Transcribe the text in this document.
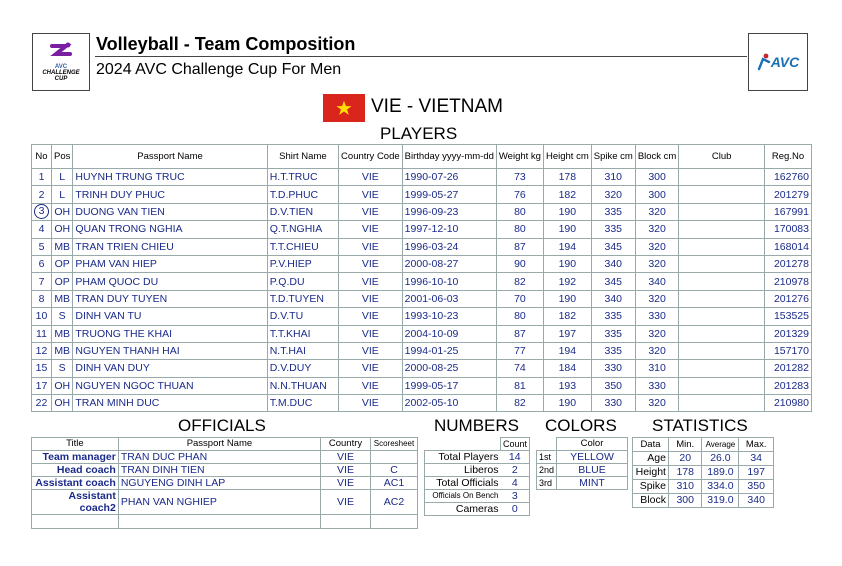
AVC
CHALLENGE
CUP
Volleyball - Team Composition
2024 AVC Challenge Cup For Men	AVC
VIE - VIETNAM
PLAYERS
No	Pos	Passport Name	Shirt Name	Country Code	Birthday yyyy-mm-dd	Weight kg	Height cm	Spike cm	Block cm	Club	Reg.No
1	L	HUYNH TRUNG TRUC	H.T.TRUC	VIE	1990-07-26	73	178	310	300		162760
2	L	TRINH DUY PHUC	T.D.PHUC	VIE	1999-05-27	76	182	320	300		201279
3	OH	DUONG VAN TIEN	D.V.TIEN	VIE	1996-09-23	80	190	335	320		167991
4	OH	QUAN TRONG NGHIA	Q.T.NGHIA	VIE	1997-12-10	80	190	335	320		170083
5	MB	TRAN TRIEN CHIEU	T.T.CHIEU	VIE	1996-03-24	87	194	345	320		168014
6	OP	PHAM VAN HIEP	P.V.HIEP	VIE	2000-08-27	90	190	340	320		201278
7	OP	PHAM QUOC DU	P.Q.DU	VIE	1996-10-10	82	192	345	340		210978
8	MB	TRAN DUY TUYEN	T.D.TUYEN	VIE	2001-06-03	70	190	340	320		201276
10	S	DINH VAN TU	D.V.TU	VIE	1993-10-23	80	182	335	330		153525
11	MB	TRUONG THE KHAI	T.T.KHAI	VIE	2004-10-09	87	197	335	320		201329
12	MB	NGUYEN THANH HAI	N.T.HAI	VIE	1994-01-25	77	194	335	320		157170
15	S	DINH VAN DUY	D.V.DUY	VIE	2000-08-25	74	184	330	310		201282
17	OH	NGUYEN NGOC THUAN	N.N.THUAN	VIE	1999-05-17	81	193	350	330		201283
22	OH	TRAN MINH DUC	T.M.DUC	VIE	2002-05-10	82	190	330	320		210980
OFFICIALS
Title	Passport Name	Country	Scoresheet
Team manager	TRAN DUC PHAN	VIE	
Head coach	TRAN DINH TIEN	VIE	C
Assistant coach	NGUYENG DINH LAP	VIE	AC1
Assistant coach2	PHAN VAN NGHIEP	VIE	AC2

NUMBERS
	Count
Total Players	14
Liberos	2
Total Officials	4
Officials On Bench	3
Cameras	0
COLORS
	Color
1st	YELLOW
2nd	BLUE
3rd	MINT
STATISTICS
Data	Min.	Average	Max.
Age	20	26.0	34
Height	178	189.0	197
Spike	310	334.0	350
Block	300	319.0	340
